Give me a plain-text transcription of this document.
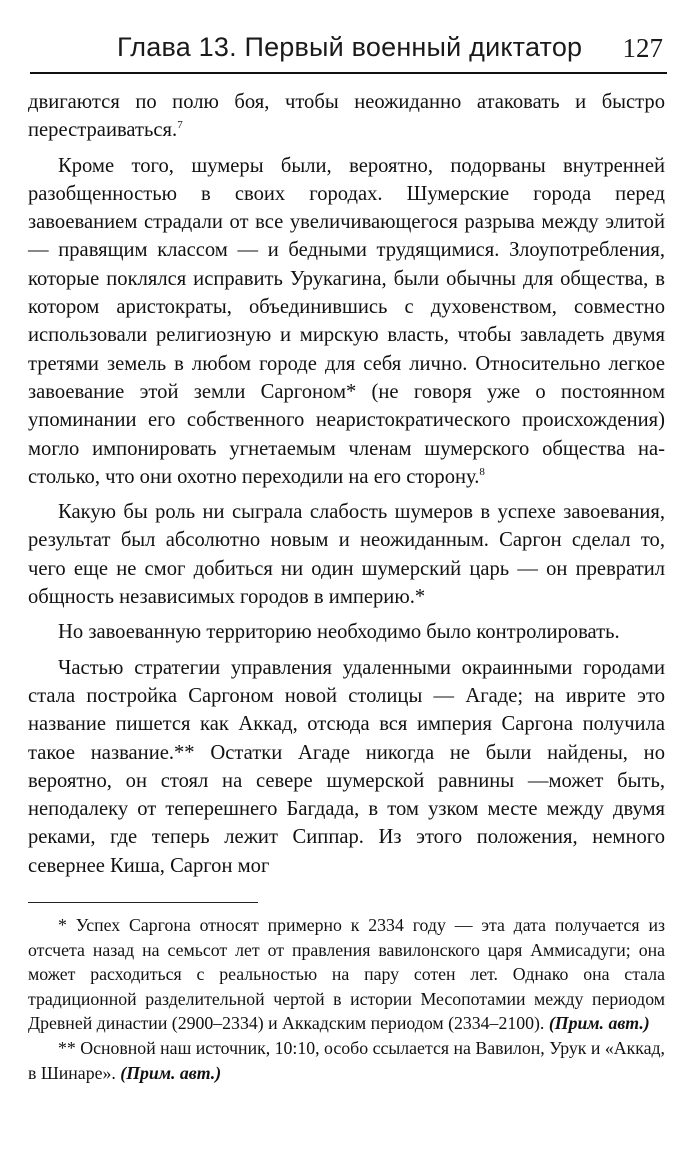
Глава 13. Первый военный диктатор 127

двигаются по полю боя, чтобы неожиданно атаковать и быстро перестраиваться.$^7$

Кроме того, шумеры были, вероятно, подорваны внутренней разобщенностью в своих городах. Шумерские города перед завоеванием страдали от все увеличивающегося разрыва между элитой — правящим классом — и бедными трудящимися. Злоупотребления, которые поклялся исправить Урукагина, были обычны для общества, в котором аристократы, объединившись с духовенством, совместно использовали религиозную и мирскую власть, чтобы завладеть двумя третями земель в любом городе для себя лично. Относительно легкое завоевание этой земли Саргоном* (не говоря уже о постоянном упоминании его собственного неаристократического происхождения) могло импонировать угнетаемым членам шумерского общества настолько, что они охотно переходили на его сторону.$^8$

Какую бы роль ни сыграла слабость шумеров в успехе завоевания, результат был абсолютно новым и неожиданным. Саргон сделал то, чего еще не смог добиться ни один шумерский царь — он превратил общность независимых городов в империю.*

Но завоеванную территорию необходимо было контролировать.

Частью стратегии управления удаленными окраинными городами стала постройка Саргоном новой столицы — Агаде; на иврите это название пишется как Аккад, отсюда вся империя Саргона получила такое название.** Остатки Агаде никогда не были найдены, но вероятно, он стоял на севере шумерской равнины —может быть, неподалеку от теперешнего Багдада, в том узком месте между двумя реками, где теперь лежит Сиппар. Из этого положения, немного севернее Киша, Саргон мог

* Успех Саргона относят примерно к 2334 году — эта дата получается из отсчета назад на семьсот лет от правления вавилонского царя Аммисадуги; она может расходиться с реальностью на пару сотен лет. Однако она стала традиционной разделительной чертой в истории Месопотамии между периодом Древней династии (2900–2334) и Аккадским периодом (2334–2100). (Прим. авт.)

** Основной наш источник, 10:10, особо ссылается на Вавилон, Урук и «Аккад, в Шинаре». (Прим. авт.)
